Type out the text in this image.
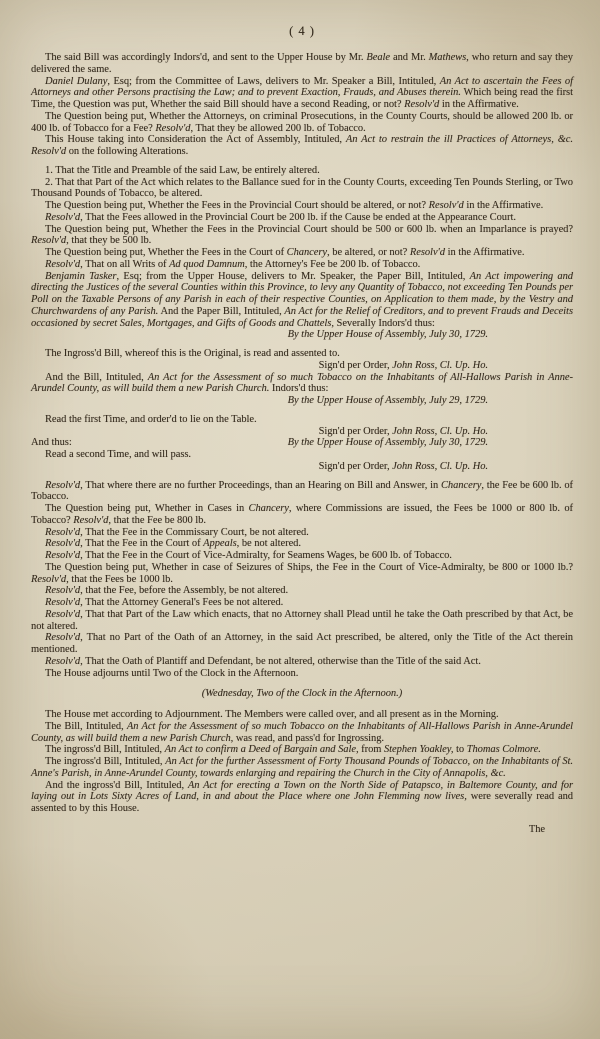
( 4 )
The said Bill was accordingly Indors'd, and sent to the Upper House by Mr. Beale and Mr. Mathews, who return and say they delivered the same.
Daniel Dulany, Esq; from the Committee of Laws, delivers to Mr. Speaker a Bill, Intituled, An Act to ascertain the Fees of Attorneys and other Persons practising the Law; and to prevent Exaction, Frauds, and Abuses therein. Which being read the first Time, the Question was put, Whether the said Bill should have a second Reading, or not? Resolv'd in the Affirmative.
The Question being put, Whether the Attorneys, on criminal Prosecutions, in the County Courts, should be allowed 200 lb. or 400 lb. of Tobacco for a Fee? Resolv'd, That they be allowed 200 lb. of Tobacco.
This House taking into Consideration the Act of Assembly, Intituled, An Act to restrain the ill Practices of Attorneys, &c. Resolv'd on the following Alterations.
1. That the Title and Preamble of the said Law, be entirely altered.
2. That that Part of the Act which relates to the Ballance sued for in the County Courts, exceeding Ten Pounds Sterling, or Two Thousand Pounds of Tobacco, be altered.
The Question being put, Whether the Fees in the Provincial Court should be altered, or not? Resolv'd in the Affirmative.
Resolv'd, That the Fees allowed in the Provincial Court be 200 lb. if the Cause be ended at the Appearance Court.
The Question being put, Whether the Fees in the Provincial Court should be 500 or 600 lb. when an Imparlance is prayed? Resolv'd, that they be 500 lb.
The Question being put, Whether the Fees in the Court of Chancery, be altered, or not? Resolv'd in the Affirmative.
Resolv'd, That on all Writs of Ad quod Damnum, the Attorney's Fee be 200 lb. of Tobacco.
Benjamin Tasker, Esq; from the Upper House, delivers to Mr. Speaker, the Paper Bill, Intituled, An Act impowering and directing the Justices of the several Counties within this Province, to levy any Quantity of Tobacco, not exceeding Ten Pounds per Poll on the Taxable Persons of any Parish in each of their respective Counties, on Application to them made, by the Vestry and Churchwardens of any Parish. And the Paper Bill, Intituled, An Act for the Relief of Creditors, and to prevent Frauds and Deceits occasioned by secret Sales, Mortgages, and Gifts of Goods and Chattels, Severally Indors'd thus:
By the Upper House of Assembly, July 30, 1729.
The Ingross'd Bill, whereof this is the Original, is read and assented to.
Sign'd per Order, John Ross, Cl. Up. Ho.
And the Bill, Intituled, An Act for the Assessment of so much Tobacco on the Inhabitants of All-Hallows Parish in Anne-Arundel County, as will build them a new Parish Church. Indors'd thus:
By the Upper House of Assembly, July 29, 1729.
Read the first Time, and order'd to lie on the Table.
Sign'd per Order, John Ross, Cl. Up. Ho.
And thus:	By the Upper House of Assembly, July 30, 1729.
Read a second Time, and will pass.
Sign'd per Order, John Ross, Cl. Up. Ho.
Resolv'd, That where there are no further Proceedings, than an Hearing on Bill and Answer, in Chancery, the Fee be 600 lb. of Tobacco.
The Question being put, Whether in Cases in Chancery, where Commissions are issued, the Fees be 1000 or 800 lb. of Tobacco? Resolv'd, that the Fee be 800 lb.
Resolv'd, That the Fee in the Commissary Court, be not altered.
Resolv'd, That the Fee in the Court of Appeals, be not altered.
Resolv'd, That the Fee in the Court of Vice-Admiralty, for Seamens Wages, be 600 lb. of Tobacco.
The Question being put, Whether in case of Seizures of Ships, the Fee in the Court of Vice-Admiralty, be 800 or 1000 lb.? Resolv'd, that the Fees be 1000 lb.
Resolv'd, that the Fee, before the Assembly, be not altered.
Resolv'd, That the Attorney General's Fees be not altered.
Resolv'd, That that Part of the Law which enacts, that no Attorney shall Plead until he take the Oath prescribed by that Act, be not altered.
Resolv'd, That no Part of the Oath of an Attorney, in the said Act prescribed, be altered, only the Title of the Act therein mentioned.
Resolv'd, That the Oath of Plantiff and Defendant, be not altered, otherwise than the Title of the said Act.
The House adjourns until Two of the Clock in the Afternoon.
(Wednesday, Two of the Clock in the Afternoon.)
The House met according to Adjournment. The Members were called over, and all present as in the Morning.
The Bill, Intituled, An Act for the Assessment of so much Tobacco on the Inhabitants of All-Hallows Parish in Anne-Arundel County, as will build them a new Parish Church, was read, and pass'd for Ingrossing.
The ingross'd Bill, Intituled, An Act to confirm a Deed of Bargain and Sale, from Stephen Yoakley, to Thomas Colmore.
The ingross'd Bill, Intituled, An Act for the further Assessment of Forty Thousand Pounds of Tobacco, on the Inhabitants of St. Anne's Parish, in Anne-Arundel County, towards enlarging and repairing the Church in the City of Annapolis, &c.
And the ingross'd Bill, Intituled, An Act for erecting a Town on the North Side of Patapsco, in Baltemore County, and for laying out in Lots Sixty Acres of Land, in and about the Place where one John Flemming now lives, were severally read and assented to by this House.
The
